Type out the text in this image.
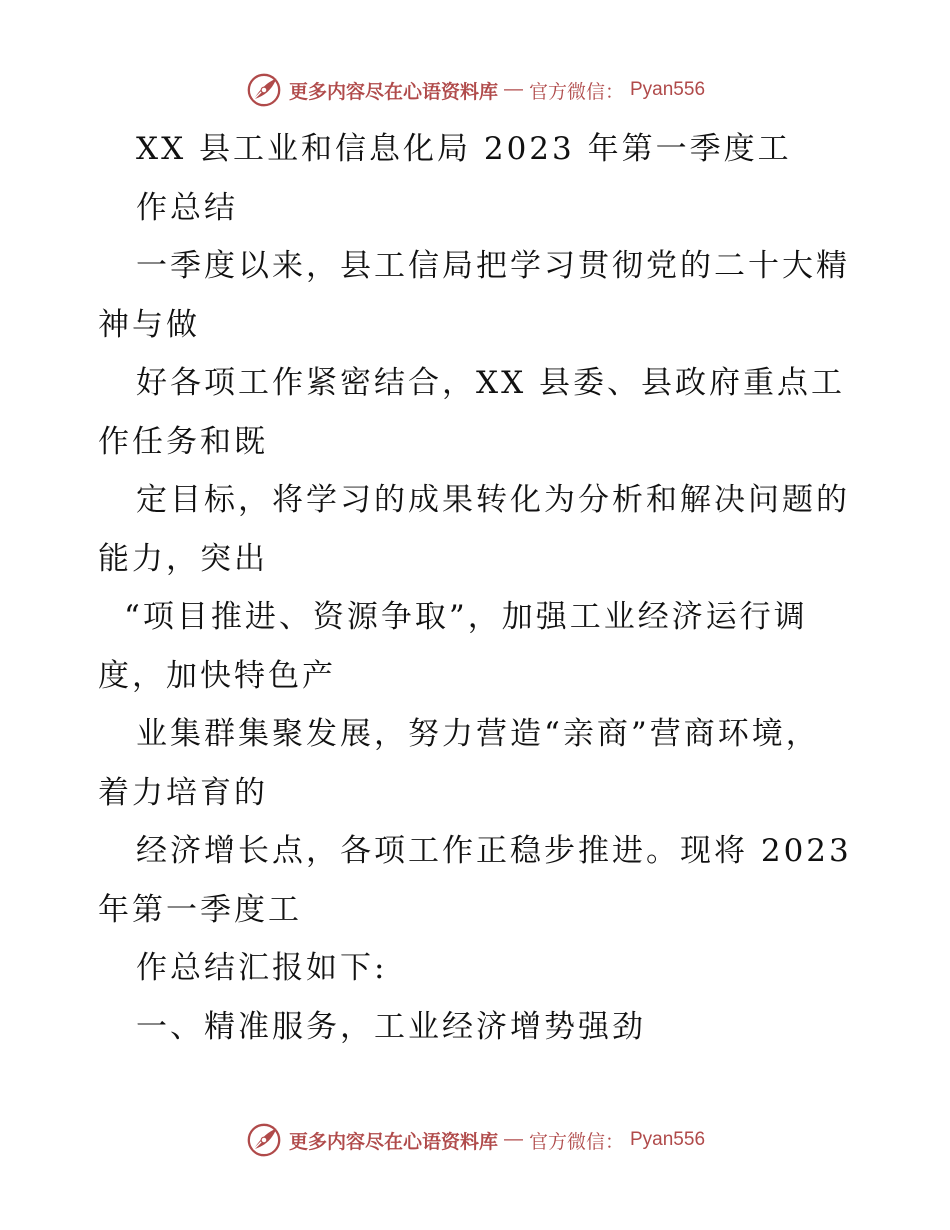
更多内容尽在心语资料库 — 官方微信： Pyan556
XX 县工业和信息化局 2023 年第一季度工
作总结
一季度以来，县工信局把学习贯彻党的二十大精
神与做
好各项工作紧密结合，XX 县委、县政府重点工
作任务和既
定目标，将学习的成果转化为分析和解决问题的
能力，突出
“项目推进、资源争取”，加强工业经济运行调
度，加快特色产
业集群集聚发展，努力营造“亲商”营商环境，
着力培育的
经济增长点，各项工作正稳步推进。现将 2023
年第一季度工
作总结汇报如下:
一、精准服务，工业经济增势强劲
更多内容尽在心语资料库 — 官方微信： Pyan556
